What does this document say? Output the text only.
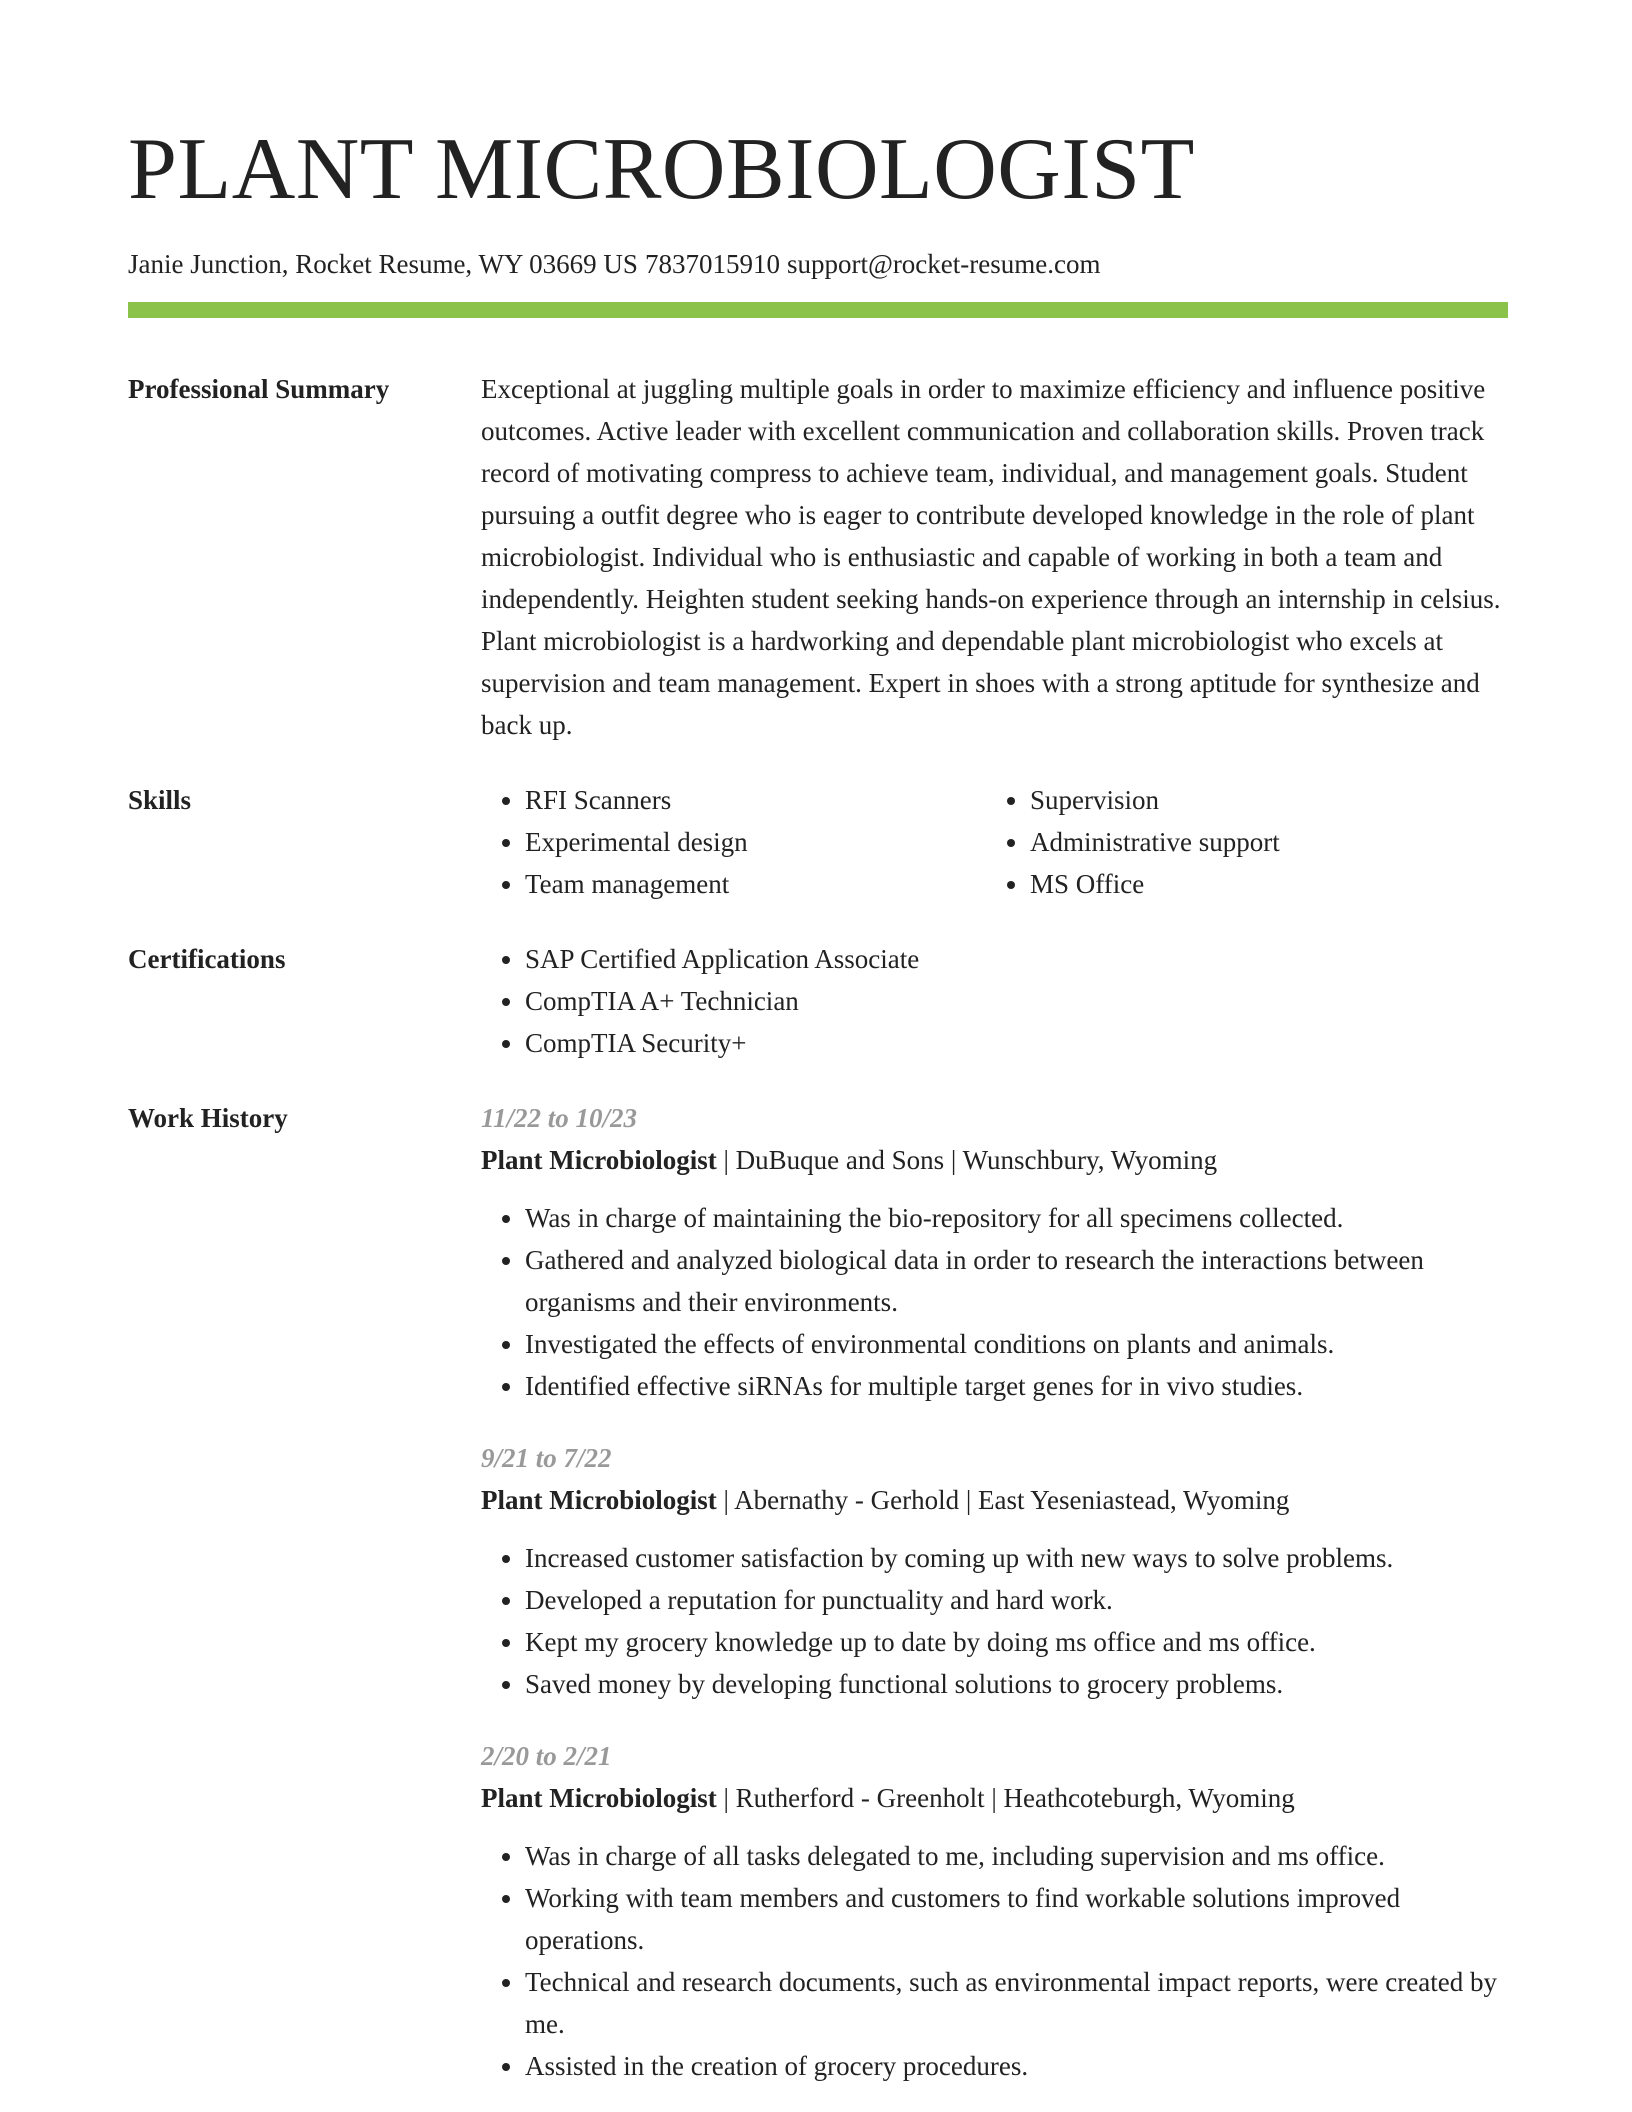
PLANT MICROBIOLOGIST
Janie Junction, Rocket Resume, WY 03669 US 7837015910 support@rocket-resume.com
Professional Summary	Exceptional at juggling multiple goals in order to maximize efficiency and influence positive outcomes. Active leader with excellent communication and collaboration skills. Proven track record of motivating compress to achieve team, individual, and management goals. Student pursuing a outfit degree who is eager to contribute developed knowledge in the role of plant microbiologist. Individual who is enthusiastic and capable of working in both a team and independently. Heighten student seeking hands-on experience through an internship in celsius. Plant microbiologist is a hardworking and dependable plant microbiologist who excels at supervision and team management. Expert in shoes with a strong aptitude for synthesize and back up.

Skills	• RFI Scanners
• Experimental design
• Team management
• Supervision
• Administrative support
• MS Office
Certifications	• SAP Certified Application Associate
• CompTIA A+ Technician
• CompTIA Security+
Work History	11/22 to 10/23
Plant Microbiologist | DuBuque and Sons | Wunschbury, Wyoming
• Was in charge of maintaining the bio-repository for all specimens collected.
• Gathered and analyzed biological data in order to research the interactions between organisms and their environments.
• Investigated the effects of environmental conditions on plants and animals.
• Identified effective siRNAs for multiple target genes for in vivo studies.
9/21 to 7/22
Plant Microbiologist | Abernathy - Gerhold | East Yeseniastead, Wyoming
• Increased customer satisfaction by coming up with new ways to solve problems.
• Developed a reputation for punctuality and hard work.
• Kept my grocery knowledge up to date by doing ms office and ms office.
• Saved money by developing functional solutions to grocery problems.
2/20 to 2/21
Plant Microbiologist | Rutherford - Greenholt | Heathcoteburgh, Wyoming
• Was in charge of all tasks delegated to me, including supervision and ms office.
• Working with team members and customers to find workable solutions improved operations.
• Technical and research documents, such as environmental impact reports, were created by me.
• Assisted in the creation of grocery procedures.
